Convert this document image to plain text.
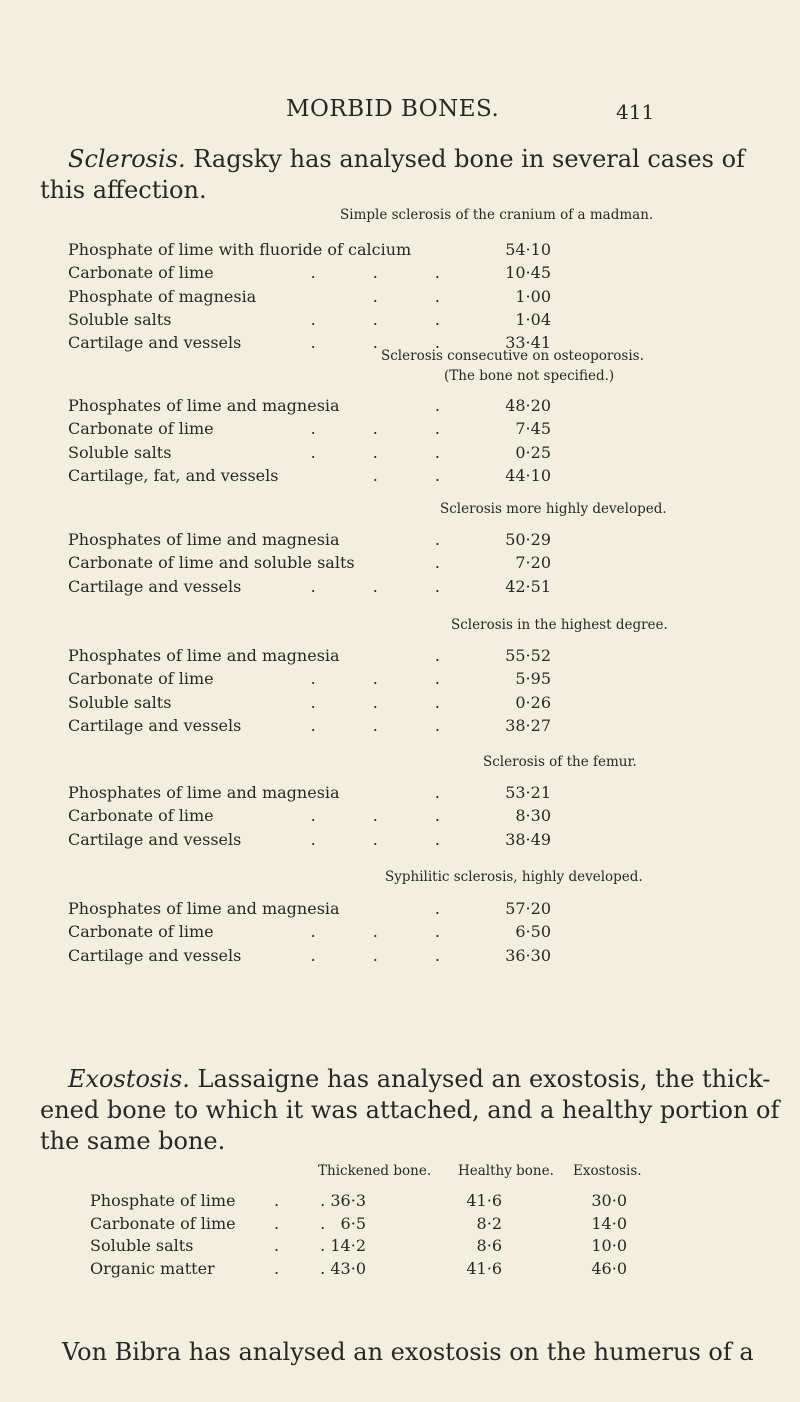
MORBID BONES.	411
Sclerosis. Ragsky has analysed bone in several cases of
this affection.
Simple sclerosis of the cranium of a madman.
Phosphate of lime with fluoride of calcium	54·10
Carbonate of lime	. . . 10·45
Phosphate of magnesia	. .	1·00
Soluble salts	. . .	1·04
Cartilage and vessels	. . . 33·41
Sclerosis consecutive on osteoporosis.
(The bone not specified.)
Phosphates of lime and magnesia	. 48·20
Carbonate of lime	. . .	7·45
Soluble salts	. . .	0·25
Cartilage, fat, and vessels	. . 44·10
Sclerosis more highly developed.
Phosphates of lime and magnesia	. 50·29
Carbonate of lime and soluble salts	.	7·20
Cartilage and vessels	. . . 42·51
Sclerosis in the highest degree.
Phosphates of lime and magnesia	. 55·52
Carbonate of lime	. . .	5·95
Soluble salts	. . .	0·26
Cartilage and vessels	. . . 38·27
Sclerosis of the femur.
Phosphates of lime and magnesia	. 53·21
Carbonate of lime	. . .	8·30
Cartilage and vessels	. . . 38·49
Syphilitic sclerosis, highly developed.
Phosphates of lime and magnesia	. 57·20
Carbonate of lime	. . .	6·50
Cartilage and vessels	. . . 36·30
Exostosis. Lassaigne has analysed an exostosis, the thick-
ened bone to which it was attached, and a healthy portion of
the same bone.
Thickened bone. Healthy bone. Exostosis.
Phosphate of lime . . 36·3	41·6	30·0
Carbonate of lime . . 6·5	8·2	14·0
Soluble salts	. . 14·2	8·6	10·0
Organic matter	. . 43·0	41·6	46·0
Von Bibra has analysed an exostosis on the humerus of a
